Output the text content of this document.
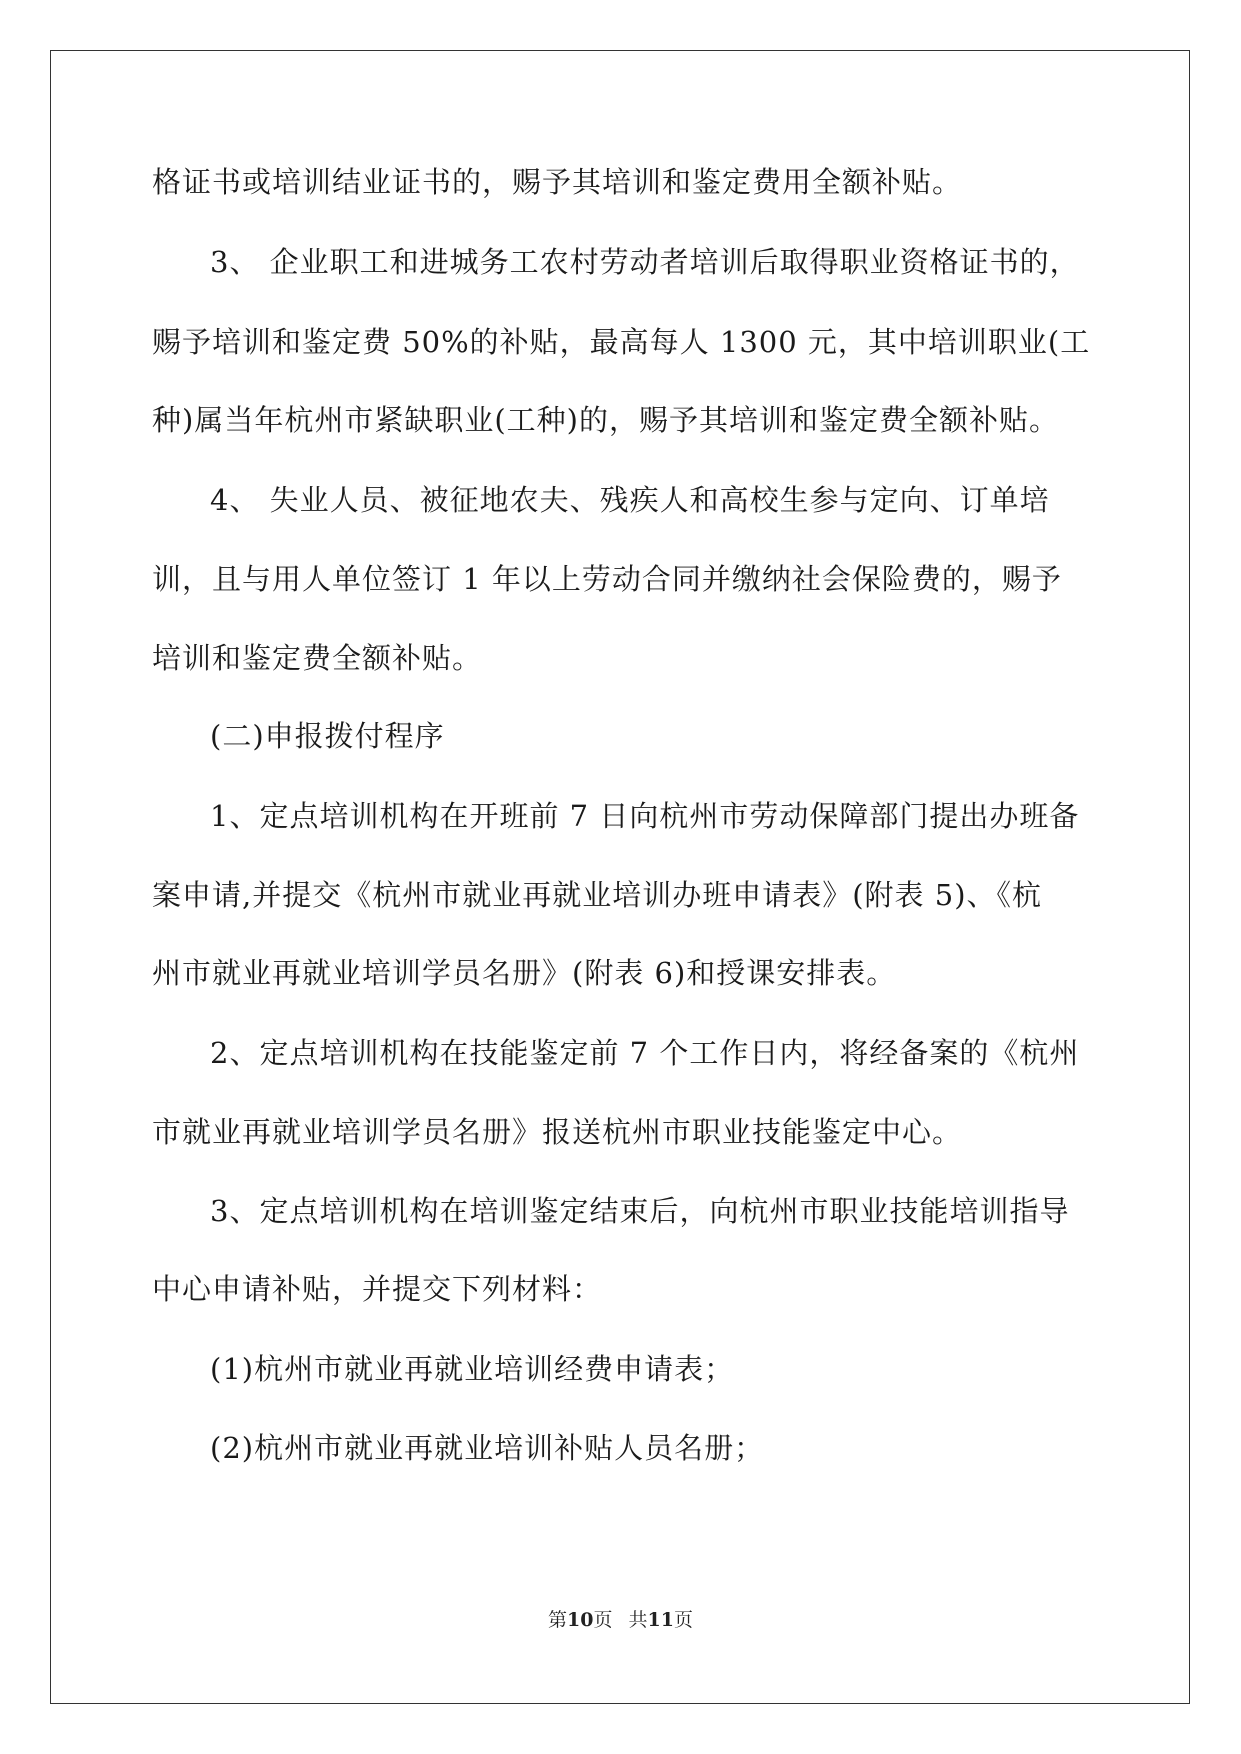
格证书或培训结业证书的，赐予其培训和鉴定费用全额补贴。
3、 企业职工和进城务工农村劳动者培训后取得职业资格证书的，
赐予培训和鉴定费 50%的补贴，最高每人 1300 元，其中培训职业(工
种)属当年杭州市紧缺职业(工种)的，赐予其培训和鉴定费全额补贴。
4、 失业人员、被征地农夫、残疾人和高校生参与定向、订单培
训，且与用人单位签订 1 年以上劳动合同并缴纳社会保险费的，赐予
培训和鉴定费全额补贴。
(二)申报拨付程序
1、定点培训机构在开班前 7 日向杭州市劳动保障部门提出办班备
案申请,并提交《杭州市就业再就业培训办班申请表》(附表 5)、《杭
州市就业再就业培训学员名册》(附表 6)和授课安排表。
2、定点培训机构在技能鉴定前 7 个工作日内，将经备案的《杭州
市就业再就业培训学员名册》报送杭州市职业技能鉴定中心。
3、定点培训机构在培训鉴定结束后，向杭州市职业技能培训指导
中心申请补贴，并提交下列材料：
(1)杭州市就业再就业培训经费申请表；
(2)杭州市就业再就业培训补贴人员名册；
第10页 共11页
